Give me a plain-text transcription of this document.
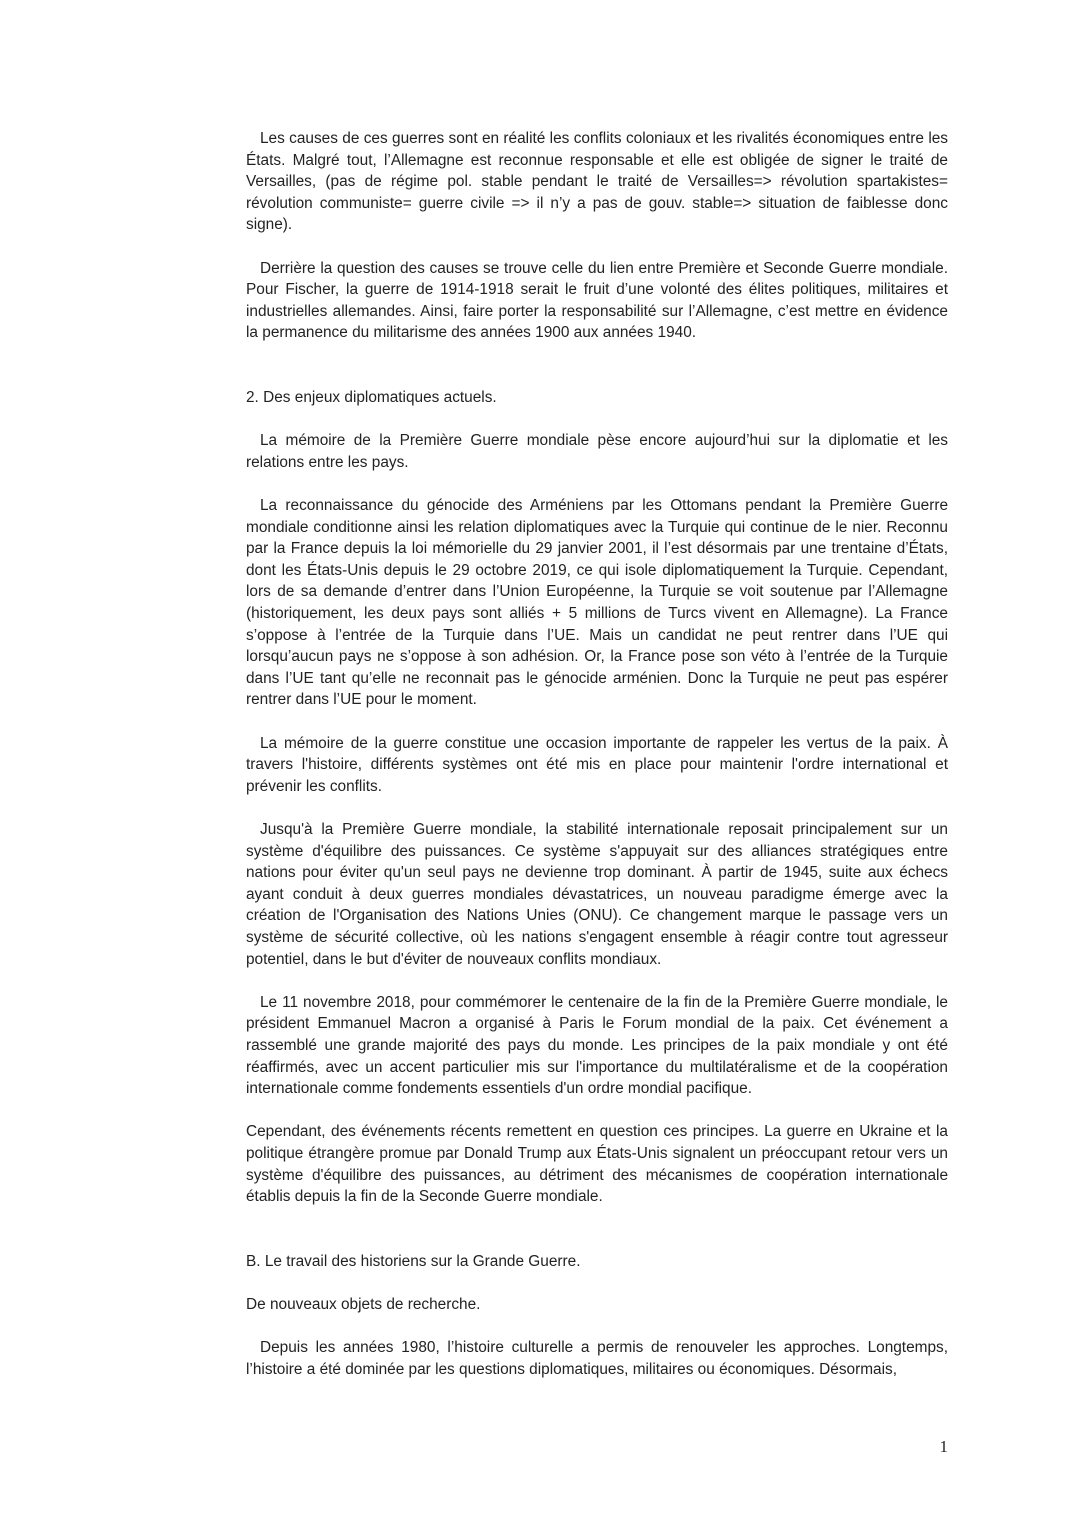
Les causes de ces guerres sont en réalité les conflits coloniaux et les rivalités économiques entre les États. Malgré tout, l’Allemagne est reconnue responsable et elle est obligée de signer le traité de Versailles, (pas de régime pol. stable pendant le traité de Versailles=> révolution spartakistes= révolution communiste= guerre civile => il n’y a pas de gouv. stable=> situation de faiblesse donc signe).

Derrière la question des causes se trouve celle du lien entre Première et Seconde Guerre mondiale. Pour Fischer, la guerre de 1914-1918 serait le fruit d’une volonté des élites politiques, militaires et industrielles allemandes. Ainsi, faire porter la responsabilité sur l’Allemagne, c’est mettre en évidence la permanence du militarisme des années 1900 aux années 1940.

2. Des enjeux diplomatiques actuels.

La mémoire de la Première Guerre mondiale pèse encore aujourd’hui sur la diplomatie et les relations entre les pays.

La reconnaissance du génocide des Arméniens par les Ottomans pendant la Première Guerre mondiale conditionne ainsi les relation diplomatiques avec la Turquie qui continue de le nier. Reconnu par la France depuis la loi mémorielle du 29 janvier 2001, il l’est désormais par une trentaine d’États, dont les États-Unis depuis le 29 octobre 2019, ce qui isole diplomatiquement la Turquie. Cependant, lors de sa demande d’entrer dans l’Union Européenne, la Turquie se voit soutenue par l’Allemagne (historiquement, les deux pays sont alliés + 5 millions de Turcs vivent en Allemagne). La France s’oppose à l’entrée de la Turquie dans l’UE. Mais un candidat ne peut rentrer dans l’UE qui lorsqu’aucun pays ne s’oppose à son adhésion. Or, la France pose son véto à l’entrée de la Turquie dans l’UE tant qu’elle ne reconnait pas le génocide arménien. Donc la Turquie ne peut pas espérer rentrer dans l’UE pour le moment.

La mémoire de la guerre constitue une occasion importante de rappeler les vertus de la paix. À travers l'histoire, différents systèmes ont été mis en place pour maintenir l'ordre international et prévenir les conflits.

Jusqu'à la Première Guerre mondiale, la stabilité internationale reposait principalement sur un système d'équilibre des puissances. Ce système s'appuyait sur des alliances stratégiques entre nations pour éviter qu'un seul pays ne devienne trop dominant. À partir de 1945, suite aux échecs ayant conduit à deux guerres mondiales dévastatrices, un nouveau paradigme émerge avec la création de l'Organisation des Nations Unies (ONU). Ce changement marque le passage vers un système de sécurité collective, où les nations s'engagent ensemble à réagir contre tout agresseur potentiel, dans le but d'éviter de nouveaux conflits mondiaux.

Le 11 novembre 2018, pour commémorer le centenaire de la fin de la Première Guerre mondiale, le président Emmanuel Macron a organisé à Paris le Forum mondial de la paix. Cet événement a rassemblé une grande majorité des pays du monde. Les principes de la paix mondiale y ont été réaffirmés, avec un accent particulier mis sur l'importance du multilatéralisme et de la coopération internationale comme fondements essentiels d'un ordre mondial pacifique.

Cependant, des événements récents remettent en question ces principes. La guerre en Ukraine et la politique étrangère promue par Donald Trump aux États-Unis signalent un préoccupant retour vers un système d'équilibre des puissances, au détriment des mécanismes de coopération internationale établis depuis la fin de la Seconde Guerre mondiale.

B. Le travail des historiens sur la Grande Guerre.

De nouveaux objets de recherche.

Depuis les années 1980, l’histoire culturelle a permis de renouveler les approches. Longtemps, l’histoire a été dominée par les questions diplomatiques, militaires ou économiques. Désormais,

1
